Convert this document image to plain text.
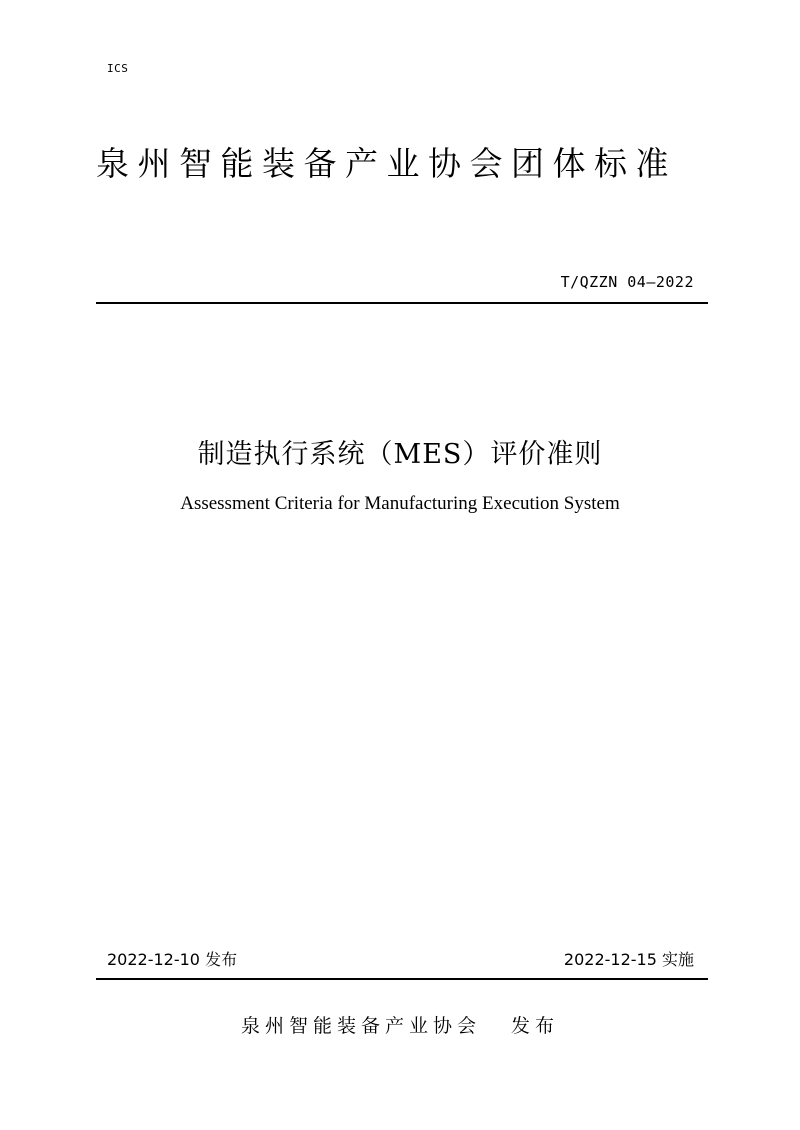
ICS
泉州智能装备产业协会团体标准
T/QZZN 04—2022
制造执行系统（MES）评价准则
Assessment Criteria for Manufacturing Execution System
2022-12-10 发布	2022-12-15 实施
泉州智能装备产业协会 发布
